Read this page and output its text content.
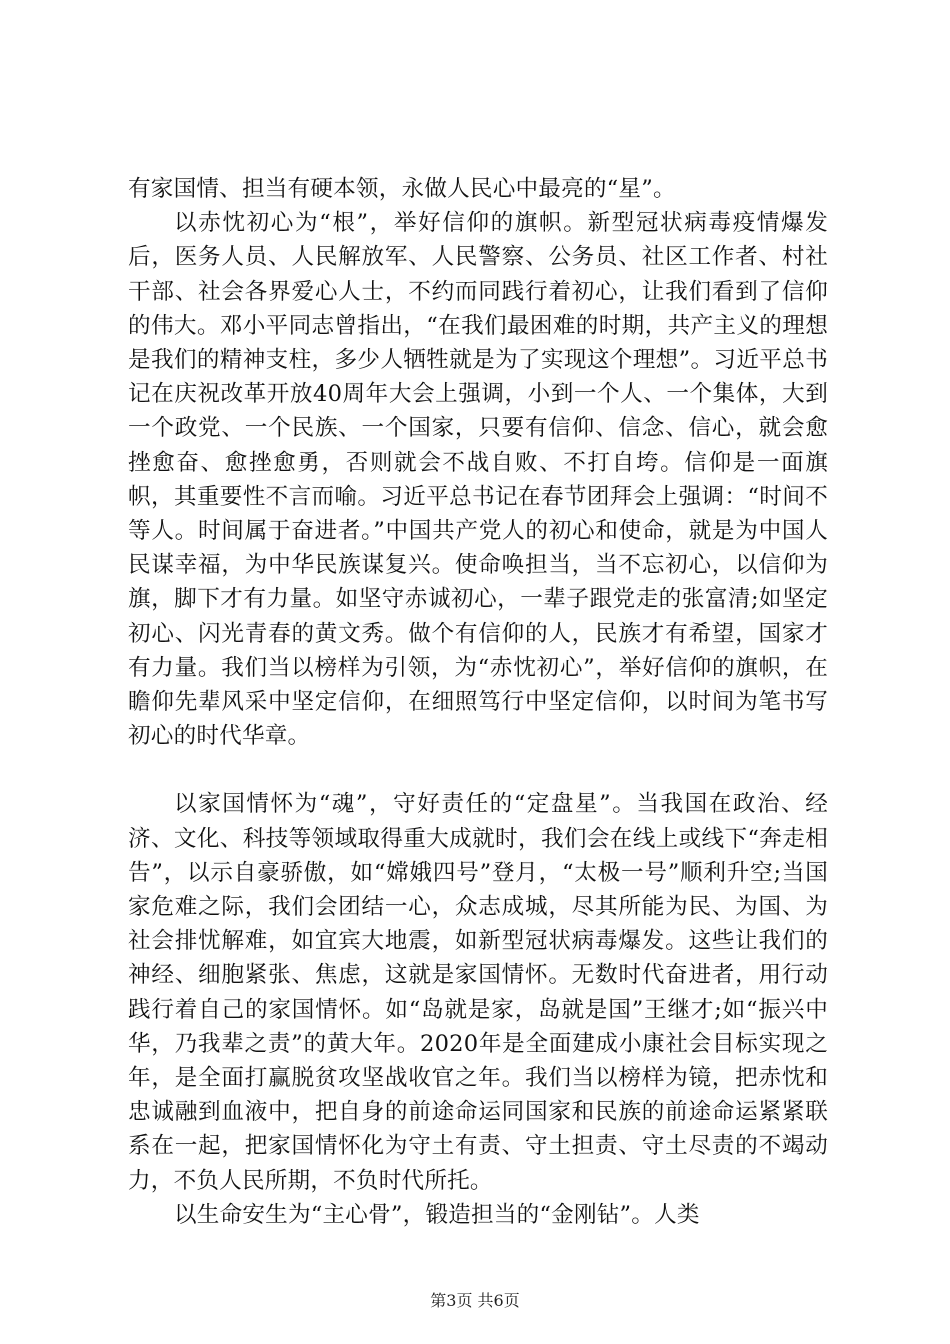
有家国情、担当有硬本领，永做人民心中最亮的“星”。

以赤忱初心为“根”，举好信仰的旗帜。新型冠状病毒疫情爆发后，医务人员、人民解放军、人民警察、公务员、社区工作者、村社干部、社会各界爱心人士，不约而同践行着初心，让我们看到了信仰的伟大。邓小平同志曾指出，“在我们最困难的时期，共产主义的理想是我们的精神支柱，多少人牺牲就是为了实现这个理想”。习近平总书记在庆祝改革开放40周年大会上强调，小到一个人、一个集体，大到一个政党、一个民族、一个国家，只要有信仰、信念、信心，就会愈挫愈奋、愈挫愈勇，否则就会不战自败、不打自垮。信仰是一面旗帜，其重要性不言而喻。习近平总书记在春节团拜会上强调：“时间不等人。时间属于奋进者。”中国共产党人的初心和使命，就是为中国人民谋幸福，为中华民族谋复兴。使命唤担当，当不忘初心，以信仰为旗，脚下才有力量。如坚守赤诚初心，一辈子跟党走的张富清;如坚定初心、闪光青春的黄文秀。做个有信仰的人，民族才有希望，国家才有力量。我们当以榜样为引领，为“赤忱初心”，举好信仰的旗帜，在瞻仰先辈风采中坚定信仰，在细照笃行中坚定信仰，以时间为笔书写初心的时代华章。

以家国情怀为“魂”，守好责任的“定盘星”。当我国在政治、经济、文化、科技等领域取得重大成就时，我们会在线上或线下“奔走相告”，以示自豪骄傲，如“嫦娥四号”登月，“太极一号”顺利升空;当国家危难之际，我们会团结一心，众志成城，尽其所能为民、为国、为社会排忧解难，如宜宾大地震，如新型冠状病毒爆发。这些让我们的神经、细胞紧张、焦虑，这就是家国情怀。无数时代奋进者，用行动践行着自己的家国情怀。如“岛就是家，岛就是国”王继才;如“振兴中华，乃我辈之责”的黄大年。2020年是全面建成小康社会目标实现之年，是全面打赢脱贫攻坚战收官之年。我们当以榜样为镜，把赤忱和忠诚融到血液中，把自身的前途命运同国家和民族的前途命运紧紧联系在一起，把家国情怀化为守土有责、守土担责、守土尽责的不竭动力，不负人民所期，不负时代所托。

以生命安生为“主心骨”，锻造担当的“金刚钻”。人类

第3页 共6页
